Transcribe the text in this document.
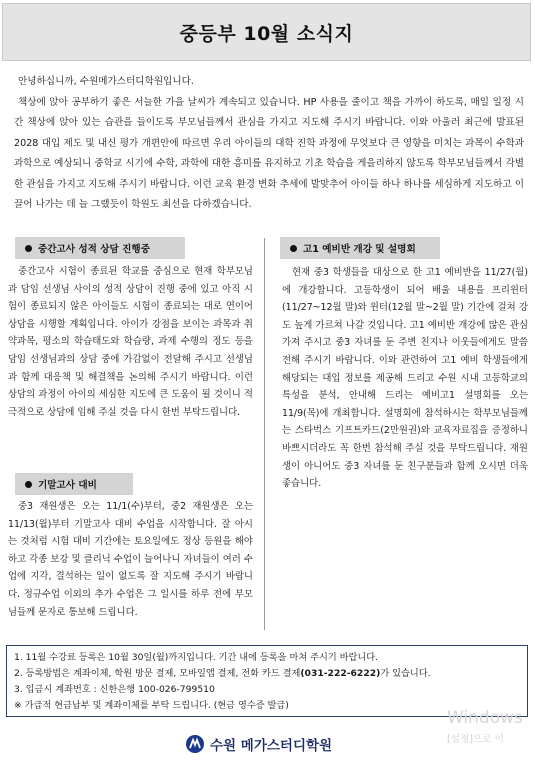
중등부 10월 소식지

안녕하십니까, 수원메가스터디학원입니다.

책상에 앉아 공부하기 좋은 서늘한 가을 날씨가 계속되고 있습니다. HP 사용을 줄이고 책을 가까이 하도록, 매일 일정 시간 책상에 앉아 있는 습관을 들이도록 부모님들께서 관심을 가지고 지도해 주시기 바랍니다. 이와 아울러 최근에 발표된 2028 대입 제도 및 내신 평가 개편안에 따르면 우리 아이들의 대학 진학 과정에 무엇보다 큰 영향을 미치는 과목이 수학과 과학으로 예상되니 중학교 시기에 수학, 과학에 대한 흥미를 유지하고 기초 학습을 게을리하지 않도록 학부모님들께서 각별한 관심을 가지고 지도해 주시기 바랍니다. 이런 교육 환경 변화 추세에 발맞추어 아이들 하나 하나를 세심하게 지도하고 이끌어 나가는 데 늘 그랬듯이 학원도 최선을 다하겠습니다.

중간고사 성적 상담 진행중

중간고사 시험이 종료된 학교를 중심으로 현재 학부모님과 담임 선생님 사이의 성적 상담이 진행 중에 있고 아직 시험이 종료되지 않은 아이들도 시험이 종료되는 대로 연이어 상담을 시행할 계획입니다. 아이가 강점을 보이는 과목과 취약과목, 평소의 학습태도와 학습량, 과제 수행의 정도 등을 담임 선생님과의 상담 중에 가감없이 전달해 주시고 선생님과 함께 대응책 및 해결책을 논의해 주시기 바랍니다. 이런 상담의 과정이 아이의 세심한 지도에 큰 도움이 될 것이니 적극적으로 상담에 임해 주실 것을 다시 한번 부탁드립니다.

기말고사 대비

중3 재원생은 오는 11/1(수)부터, 중2 재원생은 오는 11/13(월)부터 기말고사 대비 수업을 시작합니다. 잘 아시는 것처럼 시험 대비 기간에는 토요일에도 정상 등원을 해야 하고 각종 보강 및 클리닉 수업이 늘어나니 자녀들이 여러 수업에 지각, 결석하는 일이 없도록 잘 지도해 주시기 바랍니다. 정규수업 이외의 추가 수업은 그 일시를 하루 전에 부모님들께 문자로 통보해 드립니다.

고1 예비반 개강 및 설명회

현재 중3 학생들을 대상으로 한 고1 예비반을 11/27(월)에 개강합니다. 고등학생이 되어 배울 내용을 프리윈터(11/27~12월 말)와 윈터(12월 말~2월 말) 기간에 걸쳐 강도 높게 가르쳐 나갈 것입니다. 고1 예비반 개강에 많은 관심 가져 주시고 중3 자녀를 둔 주변 친지나 이웃들에게도 말씀 전해 주시기 바랍니다. 이와 관련하여 고1 예비 학생들에게 해당되는 대입 정보를 제공해 드리고 수원 시내 고등학교의 특성을 분석, 안내해 드리는 예비고1 설명회를 오는 11/9(목)에 개최합니다. 설명회에 참석하시는 학부모님들께는 스타벅스 기프트카드(2만원권)와 교육자료집을 증정하니 바쁘시더라도 꼭 한번 참석해 주실 것을 부탁드립니다. 재원생이 아니어도 중3 자녀를 둔 친구분들과 함께 오시면 더욱 좋습니다.

1. 11월 수강료 등록은 10월 30일(월)까지입니다. 기간 내에 등록을 마쳐 주시기 바랍니다.
2. 등록방법은 계좌이체, 학원 방문 결제, 모바일앱 결제, 전화 카드 결제(031-222-6222)가 있습니다.
3. 입금시 계좌번호 : 신한은행 100-026-799510
※ 가급적 현금납부 및 계좌이체를 부탁 드립니다. (현금 영수증 발급)
수원 메가스터디학원
Windows
[설정]으로 이
